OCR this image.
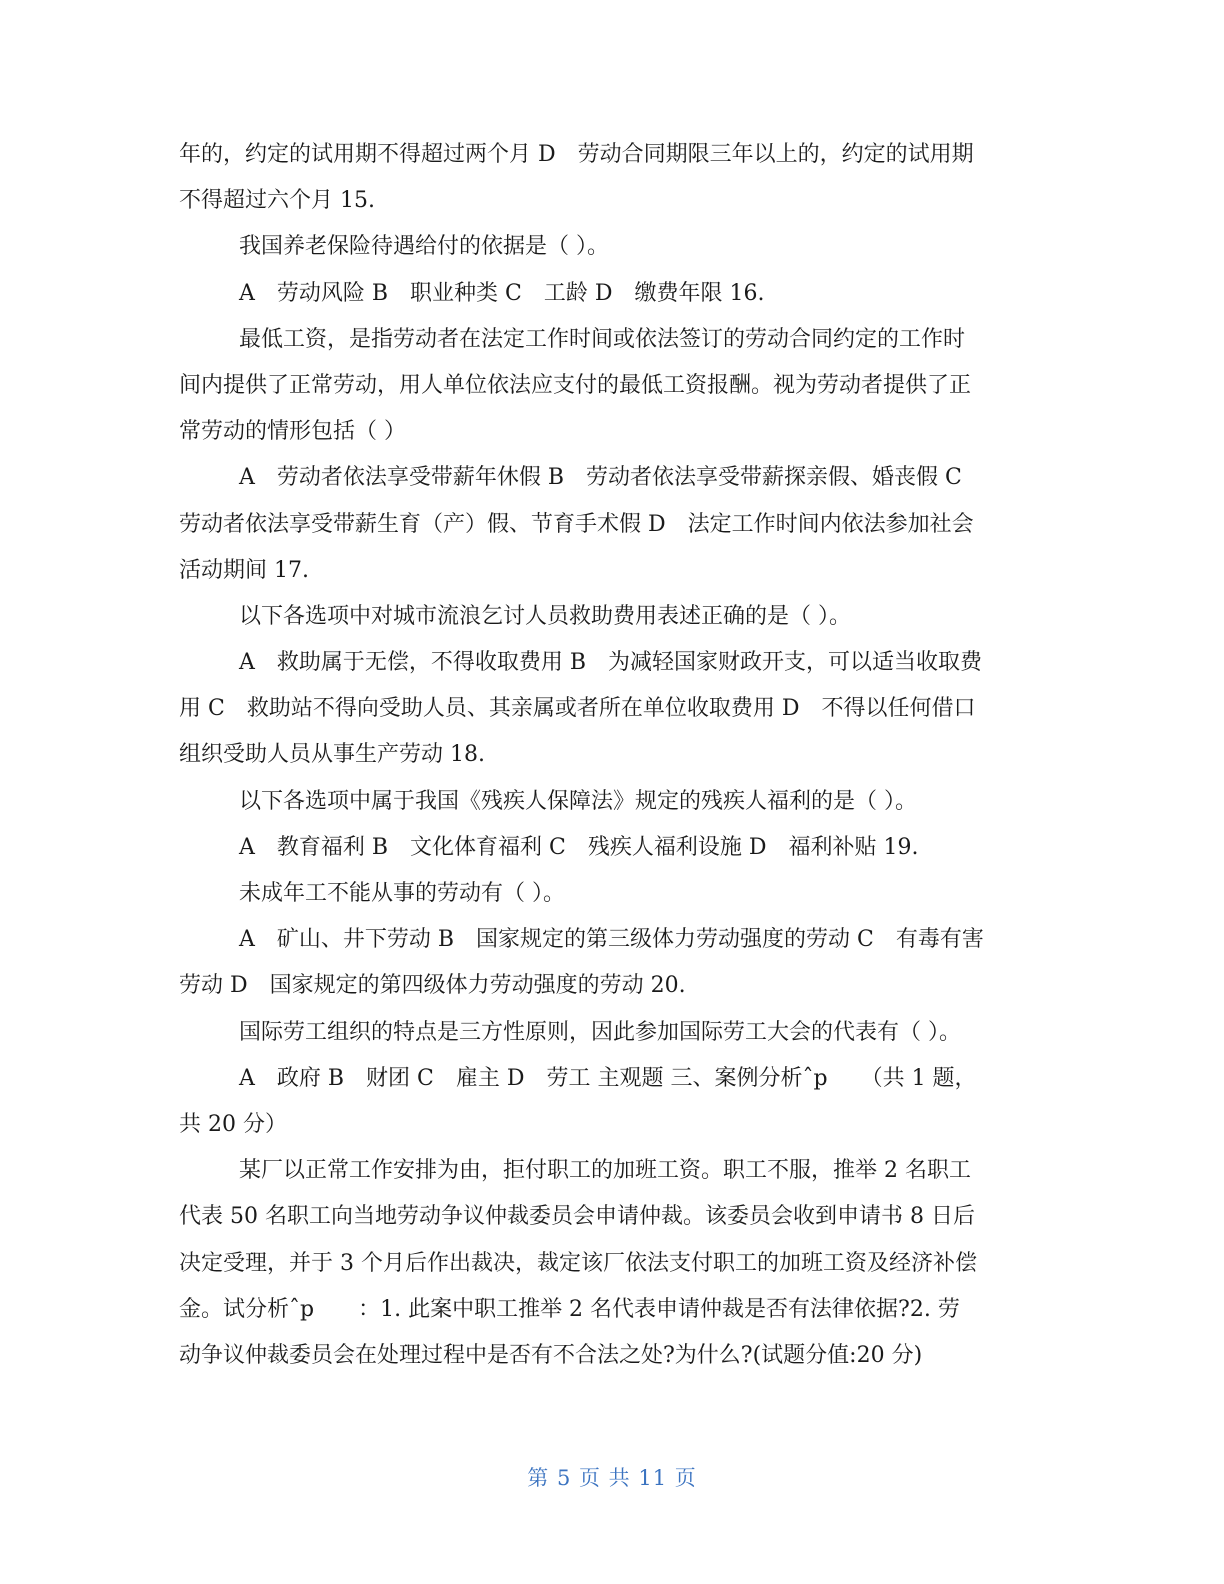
年的，约定的试用期不得超过两个月 D　劳动合同期限三年以上的，约定的试用期
不得超过六个月 15.
我国养老保险待遇给付的依据是（ ）。
A　劳动风险 B　职业种类 C　工龄 D　缴费年限 16.
最低工资，是指劳动者在法定工作时间或依法签订的劳动合同约定的工作时
间内提供了正常劳动，用人单位依法应支付的最低工资报酬。视为劳动者提供了正
常劳动的情形包括（ ）
A　劳动者依法享受带薪年休假 B　劳动者依法享受带薪探亲假、婚丧假 C
劳动者依法享受带薪生育（产）假、节育手术假 D　法定工作时间内依法参加社会
活动期间 17.
以下各选项中对城市流浪乞讨人员救助费用表述正确的是（ ）。
A　救助属于无偿，不得收取费用 B　为减轻国家财政开支，可以适当收取费
用 C　救助站不得向受助人员、其亲属或者所在单位收取费用 D　不得以任何借口
组织受助人员从事生产劳动 18.
以下各选项中属于我国《残疾人保障法》规定的残疾人福利的是（ ）。
A　教育福利 B　文化体育福利 C　残疾人福利设施 D　福利补贴 19.
未成年工不能从事的劳动有（ ）。
A　矿山、井下劳动 B　国家规定的第三级体力劳动强度的劳动 C　有毒有害
劳动 D　国家规定的第四级体力劳动强度的劳动 20.
国际劳工组织的特点是三方性原则，因此参加国际劳工大会的代表有（ ）。
A　政府 B　财团 C　雇主 D　劳工 主观题 三、案例分析ˆp　　（共 1 题，
共 20 分）
某厂以正常工作安排为由，拒付职工的加班工资。职工不服，推举 2 名职工
代表 50 名职工向当地劳动争议仲裁委员会申请仲裁。该委员会收到申请书 8 日后
决定受理，并于 3 个月后作出裁决，裁定该厂依法支付职工的加班工资及经济补偿
金。试分析ˆp　　：1. 此案中职工推举 2 名代表申请仲裁是否有法律依据?2. 劳
动争议仲裁委员会在处理过程中是否有不合法之处?为什么?(试题分值:20 分)
第 5 页 共 11 页
